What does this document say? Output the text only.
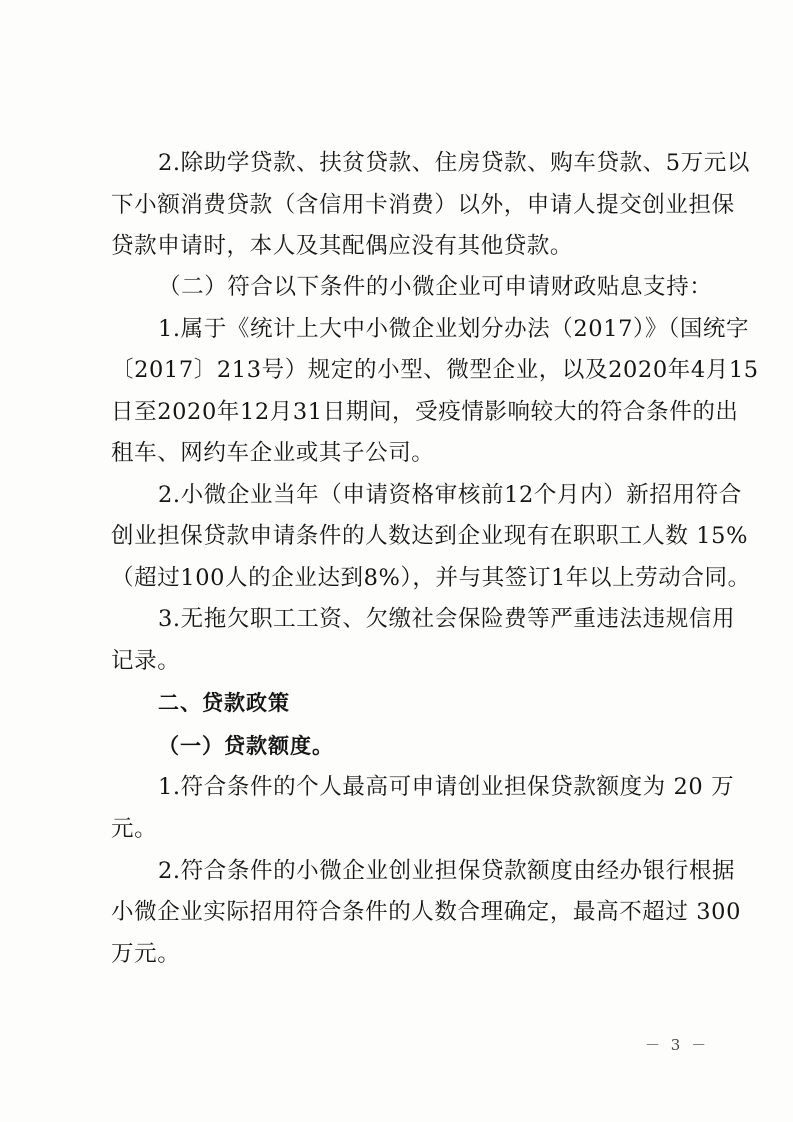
2.除助学贷款、扶贫贷款、住房贷款、购车贷款、5万元以
下小额消费贷款（含信用卡消费）以外，申请人提交创业担保
贷款申请时，本人及其配偶应没有其他贷款。
（二）符合以下条件的小微企业可申请财政贴息支持：
1.属于《统计上大中小微企业划分办法（2017）》（国统字
〔2017〕213号）规定的小型、微型企业，以及2020年4月15
日至2020年12月31日期间，受疫情影响较大的符合条件的出
租车、网约车企业或其子公司。
2.小微企业当年（申请资格审核前12个月内）新招用符合
创业担保贷款申请条件的人数达到企业现有在职职工人数 15%
（超过100人的企业达到8%），并与其签订1年以上劳动合同。
3.无拖欠职工工资、欠缴社会保险费等严重违法违规信用
记录。
二、贷款政策
（一）贷款额度。
1.符合条件的个人最高可申请创业担保贷款额度为 20 万
元。
2.符合条件的小微企业创业担保贷款额度由经办银行根据
小微企业实际招用符合条件的人数合理确定，最高不超过 300
万元。
－ 3 －
